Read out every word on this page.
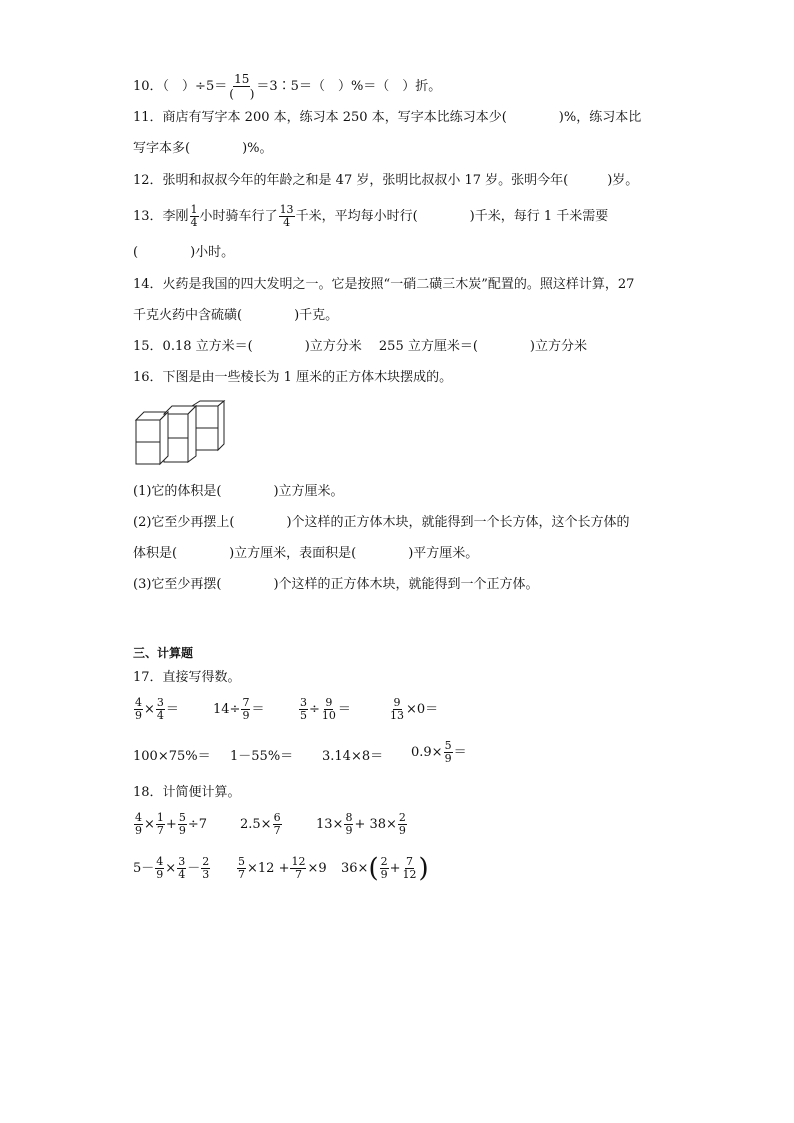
10．（　）$\div 5= \frac{15}{( )}$ ＝3∶5＝（　）%＝（　）折。
11．商店有写字本 200 本，练习本 250 本，写字本比练习本少(　　　　)%，练习本比
写字本多(　　　　)%。
12．张明和叔叔今年的年龄之和是 47 岁，张明比叔叔小 17 岁。张明今年(　　　)岁。
13．李刚 $\frac{1}{4}$ 小时骑车行了 $\frac{13}{4}$ 千米，平均每小时行(　　　　)千米，每行 1 千米需要
(　　　　)小时。
14．火药是我国的四大发明之一。它是按照“一硝二磺三木炭”配置的。照这样计算，27
千克火药中含硫磺(　　　　)千克。
15．0.18 立方米＝(　　　　)立方分米　 255 立方厘米＝(　　　　)立方分米
16．下图是由一些棱长为 1 厘米的正方体木块摆成的。
(1)它的体积是(　　　　)立方厘米。
(2)它至少再摆上(　　　　)个这样的正方体木块，就能得到一个长方体，这个长方体的
体积是(　　　　)立方厘米，表面积是(　　　　)平方厘米。
(3)它至少再摆(　　　　)个这样的正方体木块，就能得到一个正方体。
三、计算题
17．直接写得数。
$\frac{4}{9} \times \frac{3}{4}$ ＝	$14\div \frac{7}{9}$ ＝	$\frac{3}{5} \div \frac{9}{10}$ ＝	$\frac{9}{13} \times 0=$
$100\times 75\%= 1-55\%= 3.14\times 8= 0.9\times \frac{5}{9}$ ＝
18．计简便计算。
$\frac{4}{9} \times \frac{1}{7} + \frac{5}{9} \div 7$	$2.5\times \frac{6}{7}$	$13\times \frac{8}{9} + 38\times \frac{2}{9}$
$5- \frac{4}{9} \times \frac{3}{4} - \frac{2}{3} \frac{5}{7} \times 12 + \frac{12}{7} \times 9$ $36\times( \frac{2}{9} + \frac{7}{12}$ )
